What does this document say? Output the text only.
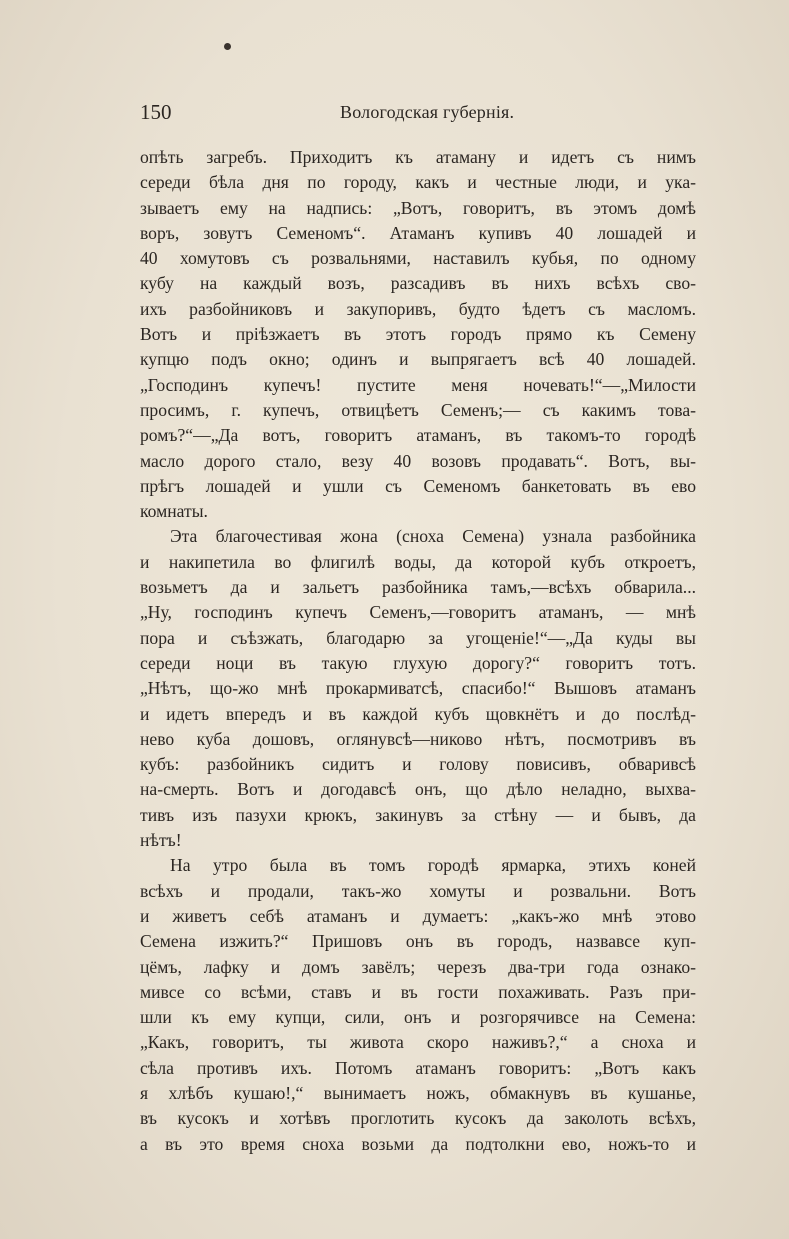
150	Вологодская губернія.
опѣть загребъ. Приходитъ къ атаману и идетъ съ нимъ
середи бѣла дня по городу, какъ и честные люди, и ука-
зываетъ ему на надпись: „Вотъ, говоритъ, въ этомъ домѣ
воръ, зовутъ Семеномъ“. Атаманъ купивъ 40 лошадей и
40 хомутовъ съ розвальнями, наставилъ кубья, по одному
кубу на каждый возъ, разсадивъ въ нихъ всѣхъ сво-
ихъ разбойниковъ и закупоривъ, будто ѣдетъ съ масломъ.
Вотъ и прiѣзжаетъ въ этотъ городъ прямо къ Семену
купцю подъ окно; одинъ и выпрягаетъ всѣ 40 лошадей.
„Господинъ купечъ! пустите меня ночевать!“—„Милости
просимъ, г. купечъ, отвицѣетъ Семенъ;— съ какимъ това-
ромъ?“—„Да вотъ, говоритъ атаманъ, въ такомъ-то городѣ
масло дорого стало, везу 40 возовъ продавать“. Вотъ, вы-
прѣгъ лошадей и ушли съ Семеномъ банкетовать въ ево
комнаты.
Эта благочестивая жона (сноха Семена) узнала разбойника
и накипетила во флигилѣ воды, да которой кубъ откроетъ,
возьметъ да и зальетъ разбойника тамъ,—всѣхъ обварила...
„Ну, господинъ купечъ Семенъ,—говоритъ атаманъ, — мнѣ
пора и съѣзжать, благодарю за угощенiе!“—„Да куды вы
середи ноци въ такую глухую дорогу?“ говоритъ тотъ.
„Нѣтъ, що-жо мнѣ прокармиватсѣ, спасибо!“ Вышовъ атаманъ
и идетъ впередъ и въ каждой кубъ щовкнётъ и до послѣд-
нево куба дошовъ, оглянувсѣ—никово нѣтъ, посмотривъ въ
кубъ: разбойникъ сидитъ и голову повисивъ, обваривсѣ
на-смерть. Вотъ и догодавсѣ онъ, що дѣло неладно, выхва-
тивъ изъ пазухи крюкъ, закинувъ за стѣну — и бывъ, да
нѣтъ!
На утро была въ томъ городѣ ярмарка, этихъ коней
всѣхъ и продали, такъ-жо хомуты и розвальни. Вотъ
и живетъ себѣ атаманъ и думаетъ: „какъ-жо мнѣ этово
Семена изжить?“ Пришовъ онъ въ городъ, назвавсе куп-
цёмъ, лафку и домъ завёлъ; черезъ два-три года ознако-
мивсе со всѣми, ставъ и въ гости похаживать. Разъ при-
шли къ ему купци, сили, онъ и розгорячивсе на Семена:
„Какъ, говоритъ, ты живота скоро наживъ?,“ а сноха и
сѣла противъ ихъ. Потомъ атаманъ говоритъ: „Вотъ какъ
я хлѣбъ кушаю!,“ вынимаетъ ножъ, обмакнувъ въ кушанье,
въ кусокъ и хотѣвъ проглотить кусокъ да заколоть всѣхъ,
а въ это время сноха возьми да подтолкни ево, ножъ-то и
